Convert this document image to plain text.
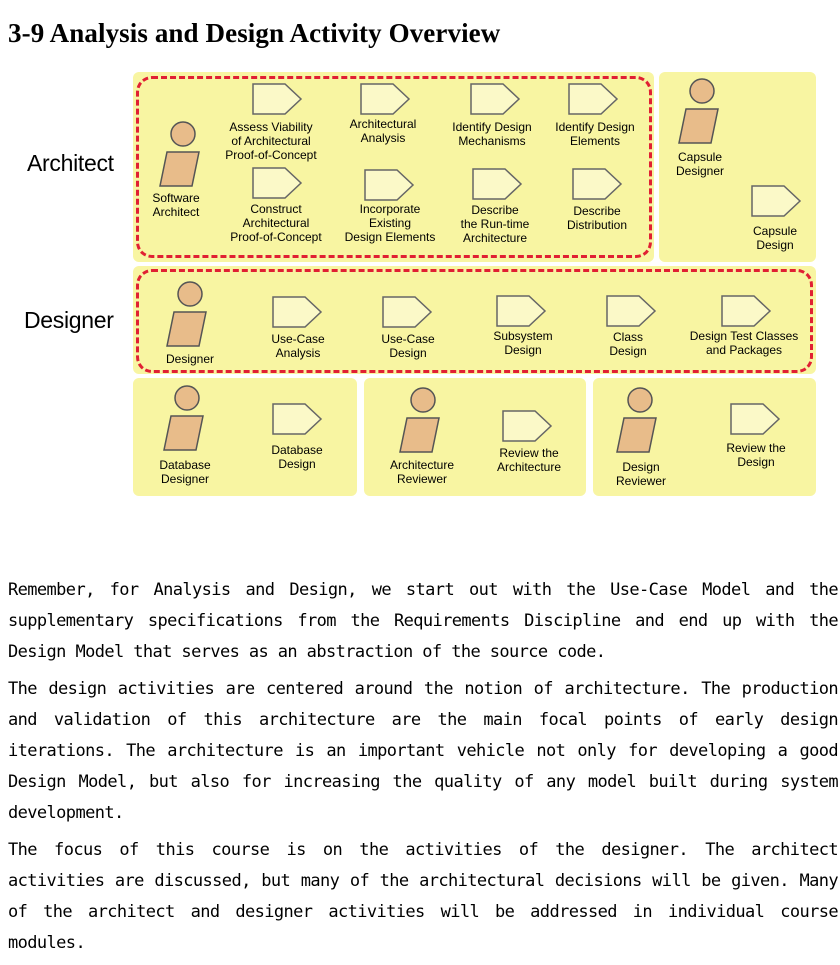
3-9 Analysis and Design Activity Overview
Architect
Designer
Software
Architect
Capsule
Designer
Designer
Database
Designer
Architecture
Reviewer
Design
Reviewer
Assess Viability
of Architectural
Proof-of-Concept
Architectural
Analysis
Identify Design
Mechanisms
Identify Design
Elements
Construct
Architectural
Proof-of-Concept
Incorporate
Existing
Design Elements
Describe
the Run-time
Architecture
Describe
Distribution	Capsule
Design
Use-Case
Analysis
Use-Case
Design
Subsystem
Design
Class
Design
Design Test Classes
and Packages
Database
Design
Review the
Architecture
Review the
Design

Remember, for Analysis and Design, we start out with the Use-Case Model and the supplementary specifications from the Requirements Discipline and end up with the Design Model that serves as an abstraction of the source code.

The design activities are centered around the notion of architecture. The production and validation of this architecture are the main focal points of early design iterations. The architecture is an important vehicle not only for developing a good Design Model, but also for increasing the quality of any model built during system development.

The focus of this course is on the activities of the designer. The architect activities are discussed, but many of the architectural decisions will be given. Many of the architect and designer activities will be addressed in individual course modules.
